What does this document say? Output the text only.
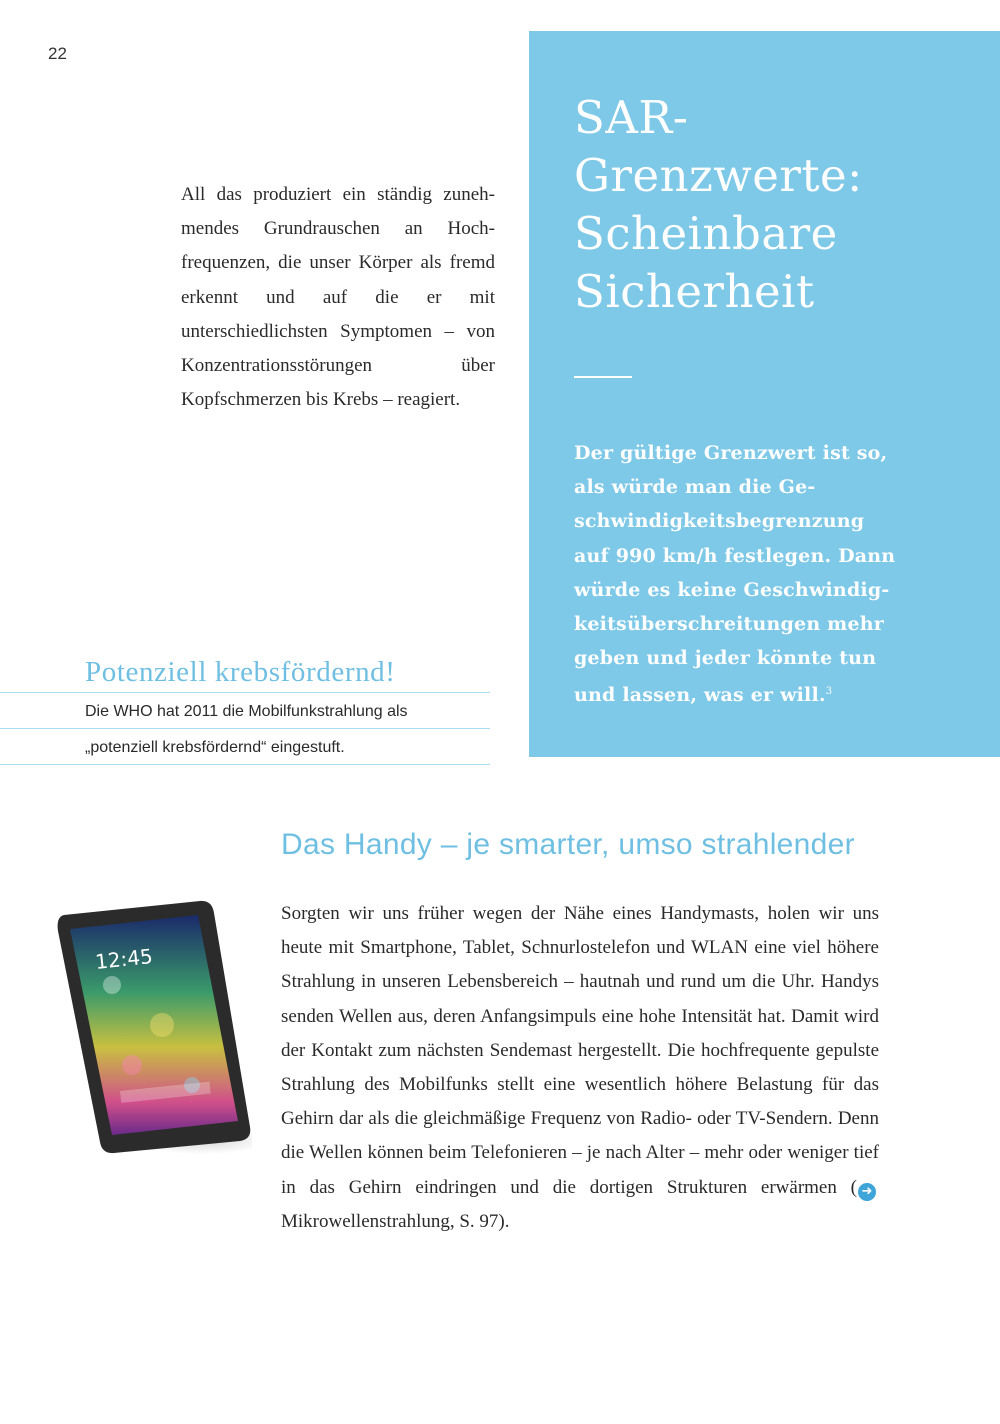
22
All das produziert ein ständig zunehmendes Grundrauschen an Hochfrequenzen, die unser Körper als fremd erkennt und auf die er mit unterschiedlichsten Symptomen – von Konzentrationsstörungen über Kopfschmerzen bis Krebs – reagiert.
SAR-
Grenzwerte:
Scheinbare
Sicherheit
Der gültige Grenzwert ist so, als würde man die Geschwindigkeitsbegrenzung auf 990 km/h festlegen. Dann würde es keine Geschwindigkeitsüberschreitungen mehr geben und jeder könnte tun und lassen, was er will.$^3$
Potenziell krebsfördernd!
Die WHO hat 2011 die Mobilfunkstrahlung als
„potenziell krebsfördernd“ eingestuft.
12:45
Das Handy – je smarter, umso strahlender
Sorgten wir uns früher wegen der Nähe eines Handymasts, holen wir uns heute mit Smartphone, Tablet, Schnurlostelefon und WLAN eine viel höhere Strahlung in unseren Lebensbereich – hautnah und rund um die Uhr. Handys senden Wellen aus, deren Anfangsimpuls eine hohe Intensität hat. Damit wird der Kontakt zum nächsten Sendemast hergestellt. Die hochfrequente gepulste Strahlung des Mobilfunks stellt eine wesentlich höhere Belastung für das Gehirn dar als die gleichmäßige Frequenz von Radio- oder TV-Sendern. Denn die Wellen können beim Telefonieren – je nach Alter – mehr oder weniger tief in das Gehirn eindringen und die dortigen Strukturen erwärmen ( ➜Mikrowellenstrahlung, S. 97).
